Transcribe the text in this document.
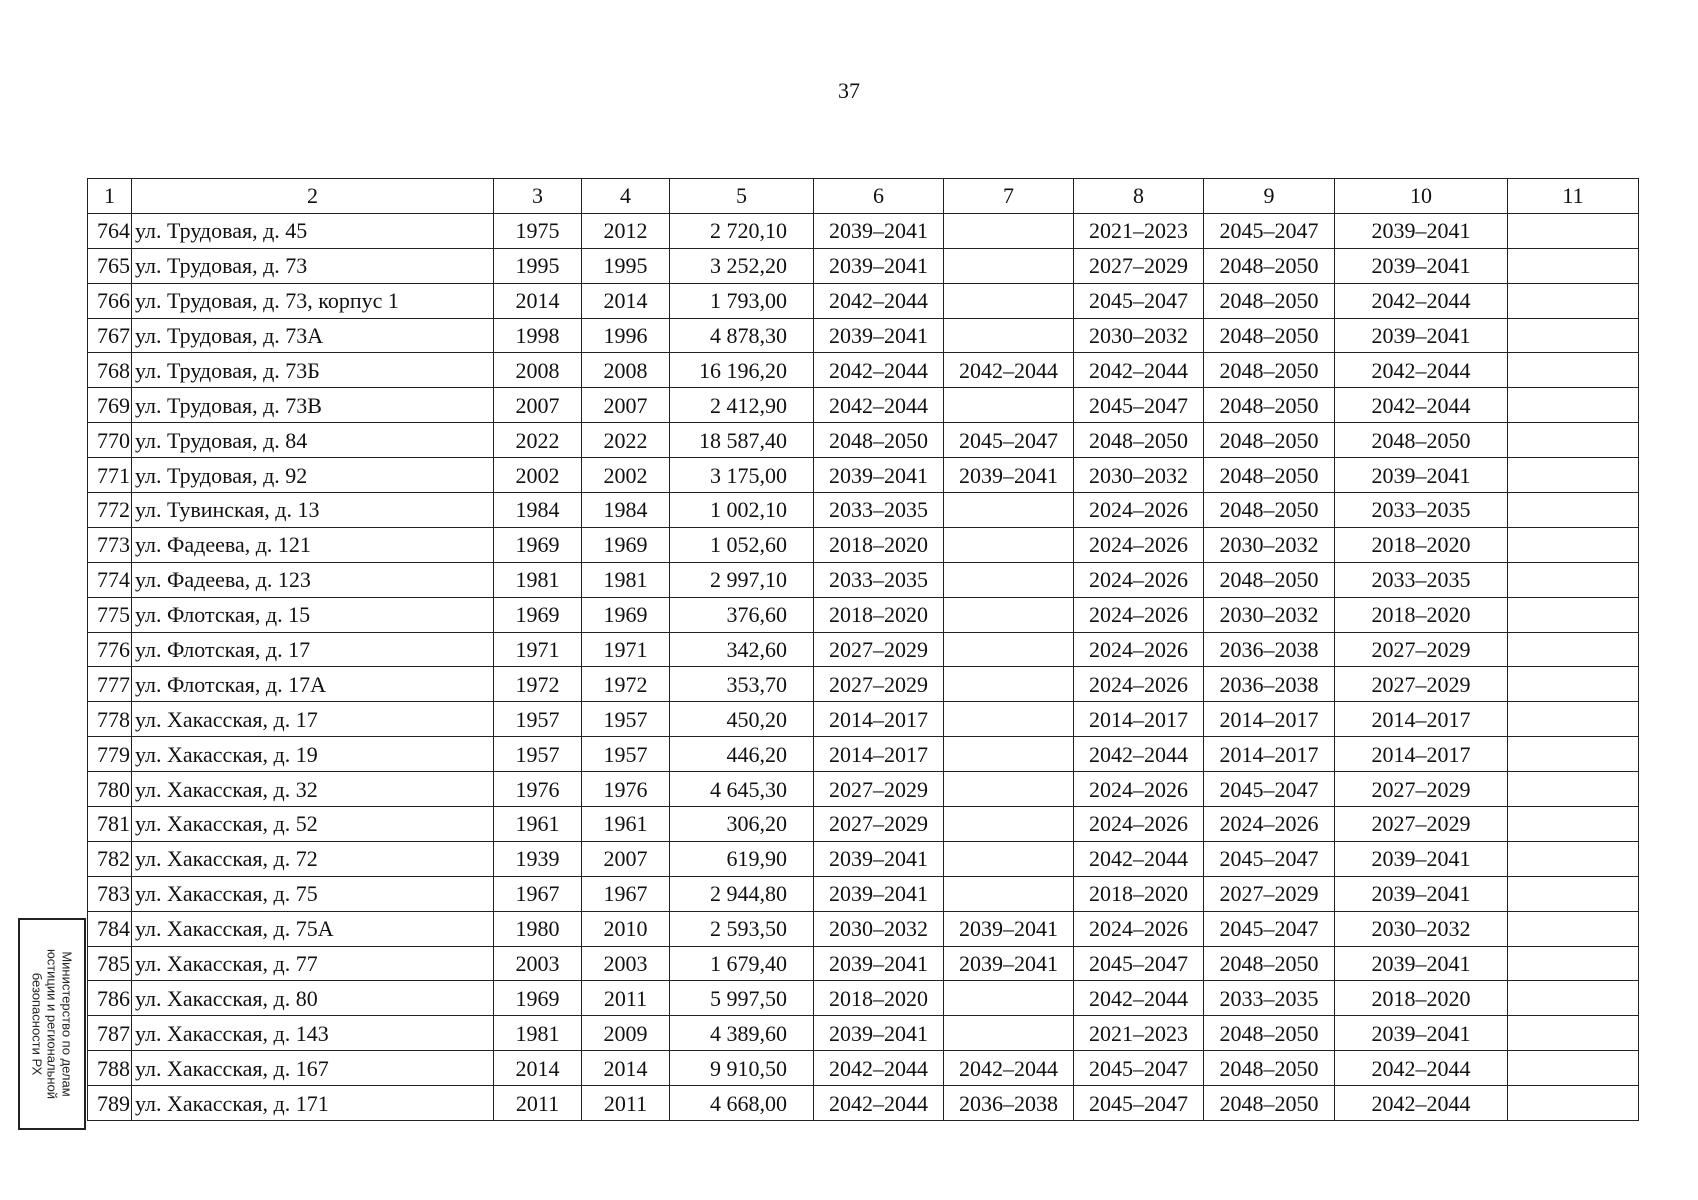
37
1	2	3	4	5	6	7	8	9	10	11
764	ул. Трудовая, д. 45	1975	2012	2 720,10	2039–2041		2021–2023	2045–2047	2039–2041	
765	ул. Трудовая, д. 73	1995	1995	3 252,20	2039–2041		2027–2029	2048–2050	2039–2041	
766	ул. Трудовая, д. 73, корпус 1	2014	2014	1 793,00	2042–2044		2045–2047	2048–2050	2042–2044	
767	ул. Трудовая, д. 73А	1998	1996	4 878,30	2039–2041		2030–2032	2048–2050	2039–2041	
768	ул. Трудовая, д. 73Б	2008	2008	16 196,20	2042–2044	2042–2044	2042–2044	2048–2050	2042–2044	
769	ул. Трудовая, д. 73В	2007	2007	2 412,90	2042–2044		2045–2047	2048–2050	2042–2044	
770	ул. Трудовая, д. 84	2022	2022	18 587,40	2048–2050	2045–2047	2048–2050	2048–2050	2048–2050	
771	ул. Трудовая, д. 92	2002	2002	3 175,00	2039–2041	2039–2041	2030–2032	2048–2050	2039–2041	
772	ул. Тувинская, д. 13	1984	1984	1 002,10	2033–2035		2024–2026	2048–2050	2033–2035	
773	ул. Фадеева, д. 121	1969	1969	1 052,60	2018–2020		2024–2026	2030–2032	2018–2020	
774	ул. Фадеева, д. 123	1981	1981	2 997,10	2033–2035		2024–2026	2048–2050	2033–2035	
775	ул. Флотская, д. 15	1969	1969	376,60	2018–2020		2024–2026	2030–2032	2018–2020	
776	ул. Флотская, д. 17	1971	1971	342,60	2027–2029		2024–2026	2036–2038	2027–2029	
777	ул. Флотская, д. 17А	1972	1972	353,70	2027–2029		2024–2026	2036–2038	2027–2029	
778	ул. Хакасская, д. 17	1957	1957	450,20	2014–2017		2014–2017	2014–2017	2014–2017	
779	ул. Хакасская, д. 19	1957	1957	446,20	2014–2017		2042–2044	2014–2017	2014–2017	
780	ул. Хакасская, д. 32	1976	1976	4 645,30	2027–2029		2024–2026	2045–2047	2027–2029	
781	ул. Хакасская, д. 52	1961	1961	306,20	2027–2029		2024–2026	2024–2026	2027–2029	
782	ул. Хакасская, д. 72	1939	2007	619,90	2039–2041		2042–2044	2045–2047	2039–2041	
783	ул. Хакасская, д. 75	1967	1967	2 944,80	2039–2041		2018–2020	2027–2029	2039–2041	
784	ул. Хакасская, д. 75А	1980	2010	2 593,50	2030–2032	2039–2041	2024–2026	2045–2047	2030–2032	
785	ул. Хакасская, д. 77	2003	2003	1 679,40	2039–2041	2039–2041	2045–2047	2048–2050	2039–2041	
786	ул. Хакасская, д. 80	1969	2011	5 997,50	2018–2020		2042–2044	2033–2035	2018–2020	
787	ул. Хакасская, д. 143	1981	2009	4 389,60	2039–2041		2021–2023	2048–2050	2039–2041	
788	ул. Хакасская, д. 167	2014	2014	9 910,50	2042–2044	2042–2044	2045–2047	2048–2050	2042–2044	
789	ул. Хакасская, д. 171	2011	2011	4 668,00	2042–2044	2036–2038	2045–2047	2048–2050	2042–2044	
Министерство по делам
юстиции и региональной
безопасности РХ
